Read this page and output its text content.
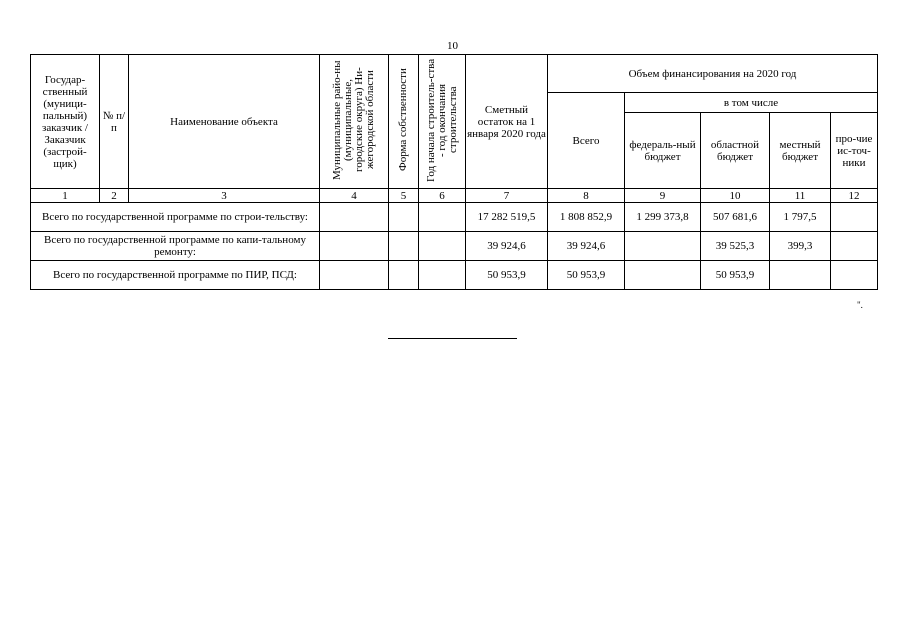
10
Государ-ственный (муници-пальный) заказчик / Заказчик (застрой-щик)	№ п/п	Наименование объекта	Муниципальные райо-ны (муниципальные, городские округа) Ни-жегородской области	Форма собственности	Год начала строитель-ства - год окончания строительства	Сметный остаток на 1 января 2020 года	Объем финансирования на 2020 год				
							Всего	в том числе			
								федераль-ный бюджет	областной бюджет	местный бюджет	про-чие ис-точ-ники
1	2	3	4	5	6	7	8	9	10	11	12
Всего по государственной программе по строи-тельству:						17 282 519,5	1 808 852,9	1 299 373,8	507 681,6	1 797,5	
Всего по государственной программе по капи-тальному ремонту:						39 924,6	39 924,6		39 525,3	399,3	
Всего по государственной программе по ПИР, ПСД:						50 953,9	50 953,9		50 953,9		
".
